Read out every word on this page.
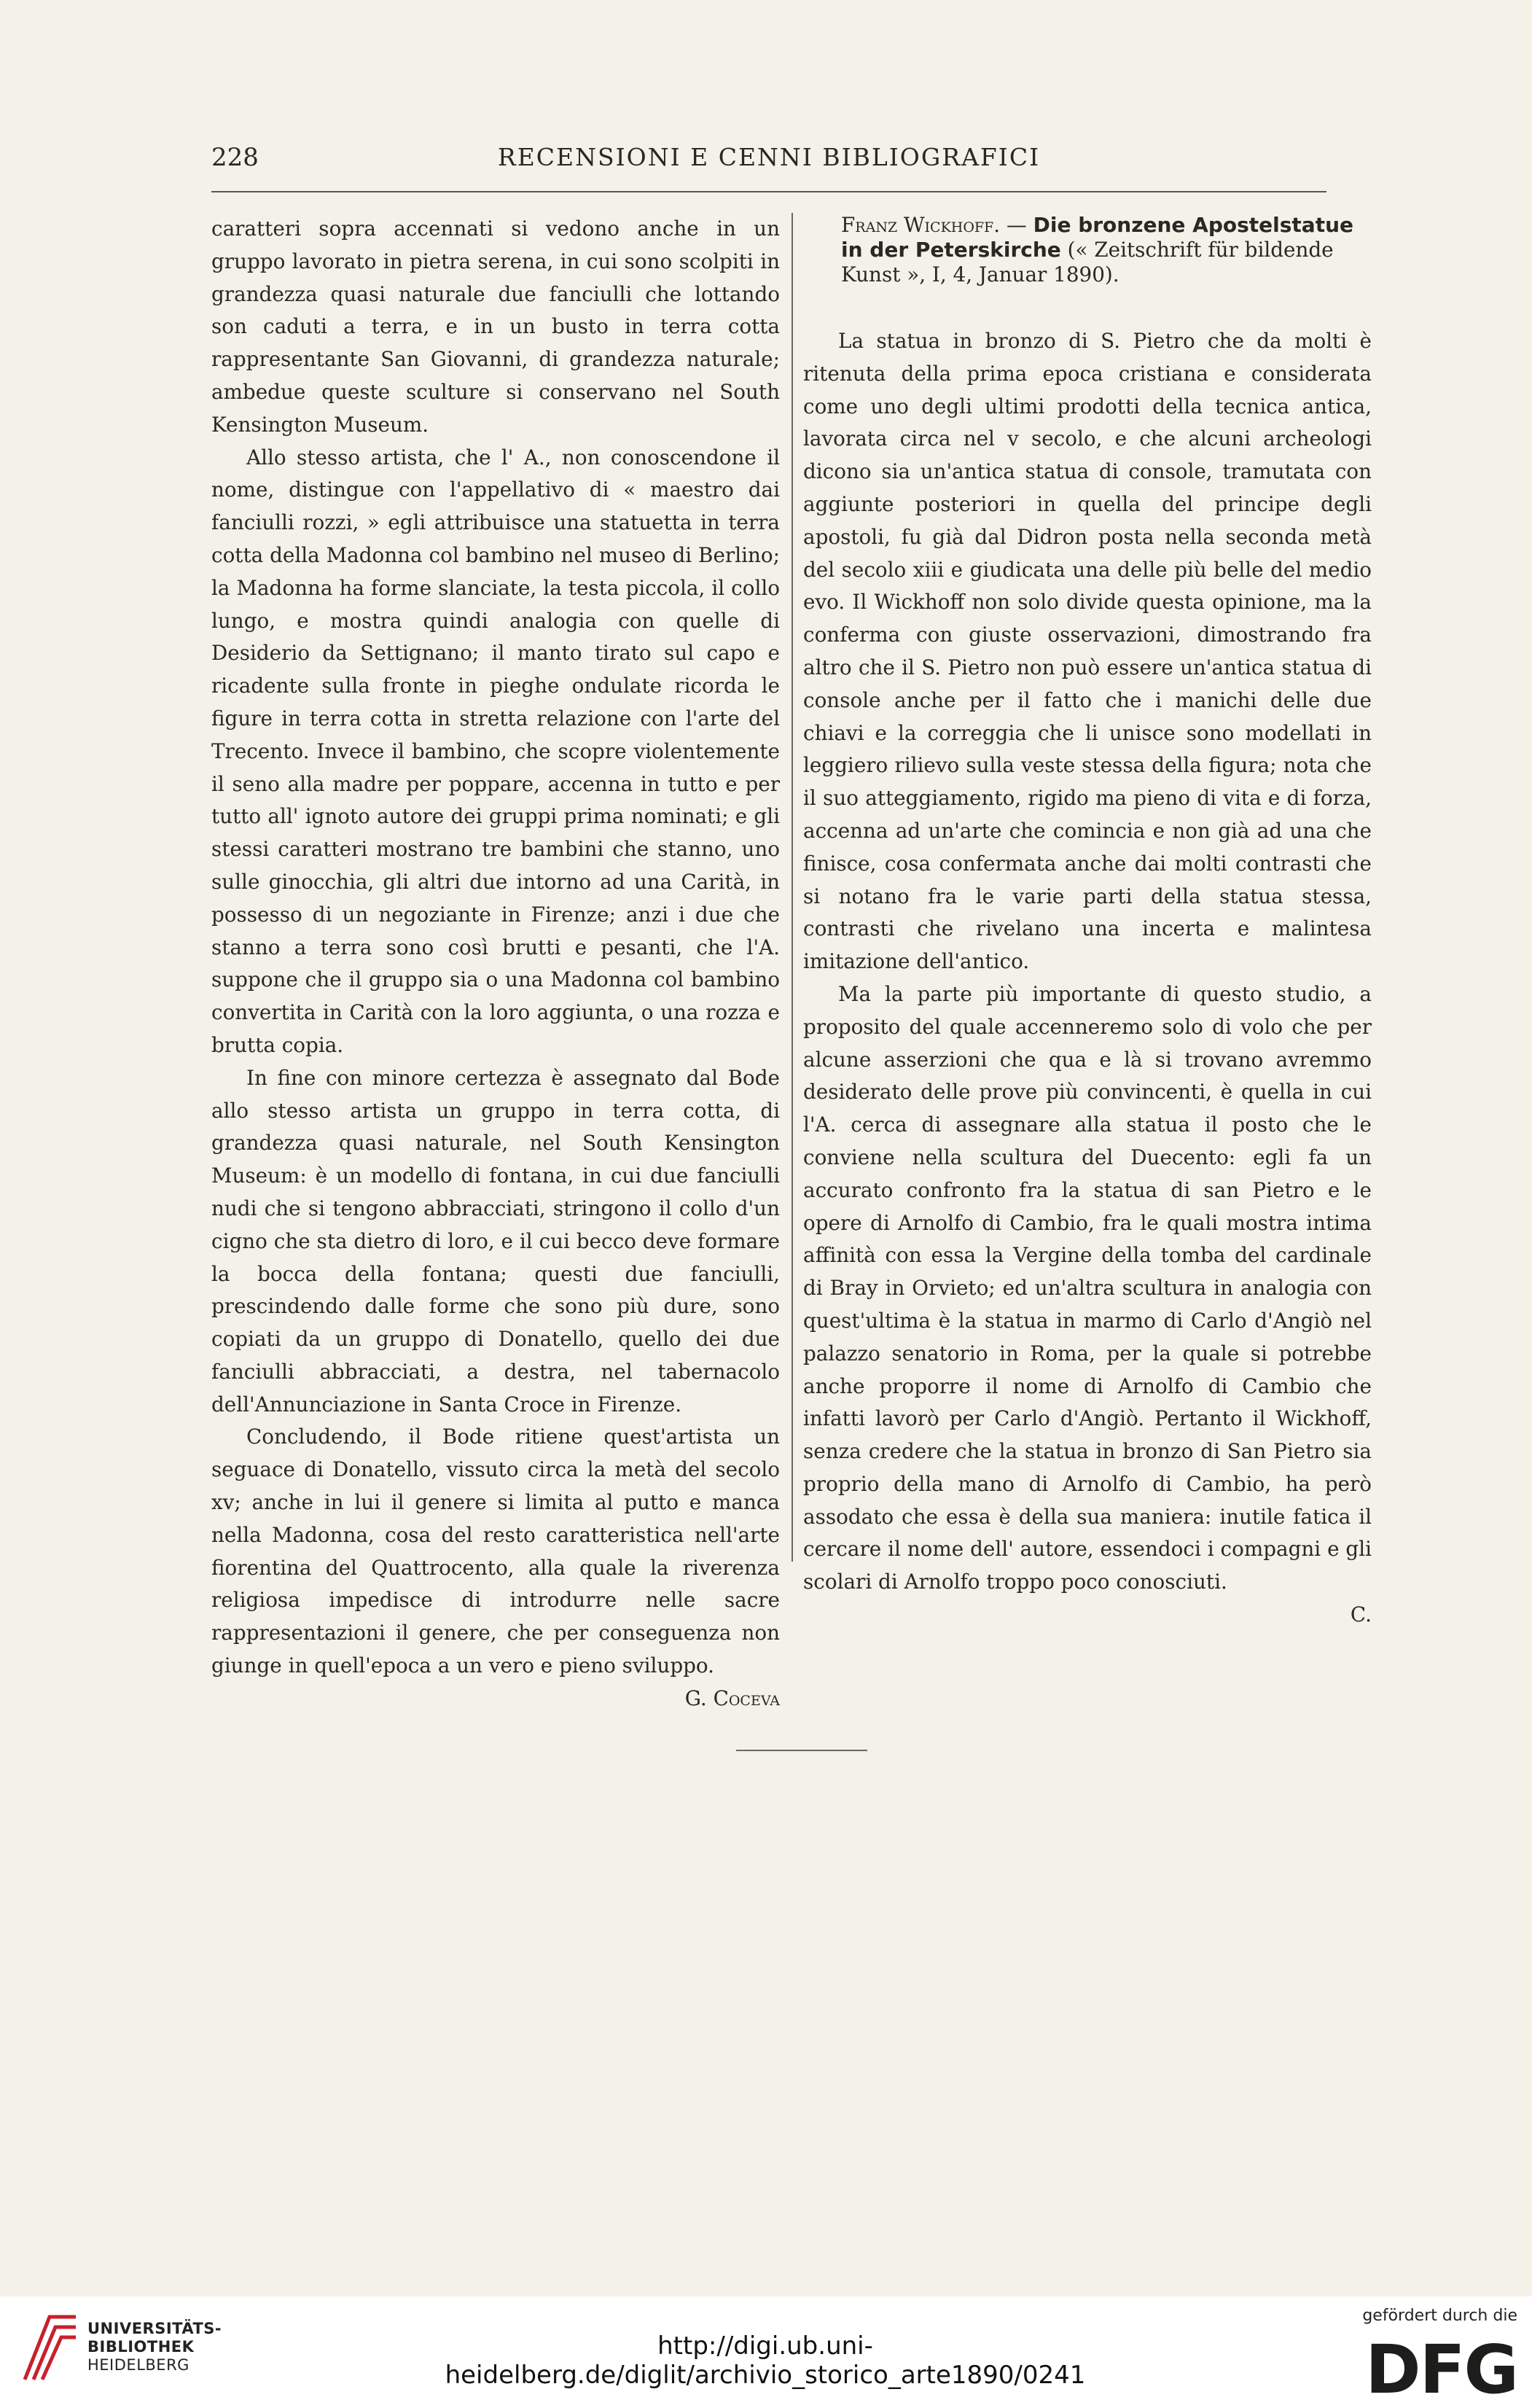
228	RECENSIONI E CENNI BIBLIOGRAFICI

caratteri sopra accennati si vedono anche in un gruppo lavorato in pietra serena, in cui sono scolpiti in grandezza quasi naturale due fanciulli che lottando son caduti a terra, e in un busto in terra cotta rappresentante San Giovanni, di grandezza naturale; ambedue queste sculture si conservano nel South Kensington Museum.

Allo stesso artista, che l' A., non conoscendone il nome, distingue con l'appellativo di « maestro dai fanciulli rozzi, » egli attribuisce una statuetta in terra cotta della Madonna col bambino nel museo di Berlino; la Madonna ha forme slanciate, la testa piccola, il collo lungo, e mostra quindi analogia con quelle di Desiderio da Settignano; il manto tirato sul capo e ricadente sulla fronte in pieghe ondulate ricorda le figure in terra cotta in stretta relazione con l'arte del Trecento. Invece il bambino, che scopre violentemente il seno alla madre per poppare, accenna in tutto e per tutto all' ignoto autore dei gruppi prima nominati; e gli stessi caratteri mostrano tre bambini che stanno, uno sulle ginocchia, gli altri due intorno ad una Carità, in possesso di un negoziante in Firenze; anzi i due che stanno a terra sono così brutti e pesanti, che l'A. suppone che il gruppo sia o una Madonna col bambino convertita in Carità con la loro aggiunta, o una rozza e brutta copia.

In fine con minore certezza è assegnato dal Bode allo stesso artista un gruppo in terra cotta, di grandezza quasi naturale, nel South Kensington Museum: è un modello di fontana, in cui due fanciulli nudi che si tengono abbracciati, stringono il collo d'un cigno che sta dietro di loro, e il cui becco deve formare la bocca della fontana; questi due fanciulli, prescindendo dalle forme che sono più dure, sono copiati da un gruppo di Donatello, quello dei due fanciulli abbracciati, a destra, nel tabernacolo dell'Annunciazione in Santa Croce in Firenze.

Concludendo, il Bode ritiene quest'artista un seguace di Donatello, vissuto circa la metà del secolo xv; anche in lui il genere si limita al putto e manca nella Madonna, cosa del resto caratteristica nell'arte fiorentina del Quattrocento, alla quale la riverenza religiosa impedisce di introdurre nelle sacre rappresentazioni il genere, che per conseguenza non giunge in quell'epoca a un vero e pieno sviluppo.

G. Coceva

Franz Wickhoff. — Die bronzene Apostelstatue in der Peterskirche (« Zeitschrift für bildende Kunst », I, 4, Januar 1890).

La statua in bronzo di S. Pietro che da molti è ritenuta della prima epoca cristiana e considerata come uno degli ultimi prodotti della tecnica antica, lavorata circa nel v secolo, e che alcuni archeologi dicono sia un'antica statua di console, tramutata con aggiunte posteriori in quella del principe degli apostoli, fu già dal Didron posta nella seconda metà del secolo xiii e giudicata una delle più belle del medio evo. Il Wickhoff non solo divide questa opinione, ma la conferma con giuste osservazioni, dimostrando fra altro che il S. Pietro non può essere un'antica statua di console anche per il fatto che i manichi delle due chiavi e la correggia che li unisce sono modellati in leggiero rilievo sulla veste stessa della figura; nota che il suo atteggiamento, rigido ma pieno di vita e di forza, accenna ad un'arte che comincia e non già ad una che finisce, cosa confermata anche dai molti contrasti che si notano fra le varie parti della statua stessa, contrasti che rivelano una incerta e malintesa imitazione dell'antico.

Ma la parte più importante di questo studio, a proposito del quale accenneremo solo di volo che per alcune asserzioni che qua e là si trovano avremmo desiderato delle prove più convincenti, è quella in cui l'A. cerca di assegnare alla statua il posto che le conviene nella scultura del Duecento: egli fa un accurato confronto fra la statua di san Pietro e le opere di Arnolfo di Cambio, fra le quali mostra intima affinità con essa la Vergine della tomba del cardinale di Bray in Orvieto; ed un'altra scultura in analogia con quest'ultima è la statua in marmo di Carlo d'Angiò nel palazzo senatorio in Roma, per la quale si potrebbe anche proporre il nome di Arnolfo di Cambio che infatti lavorò per Carlo d'Angiò. Pertanto il Wickhoff, senza credere che la statua in bronzo di San Pietro sia proprio della mano di Arnolfo di Cambio, ha però assodato che essa è della sua maniera: inutile fatica il cercare il nome dell' autore, essendoci i compagni e gli scolari di Arnolfo troppo poco conosciuti.

C.

UNIVERSITÄTS-
BIBLIOTHEK
HEIDELBERG
http://digi.ub.uni-heidelberg.de/diglit/archivio_storico_arte1890/0241
gefördert durch die
DFG
